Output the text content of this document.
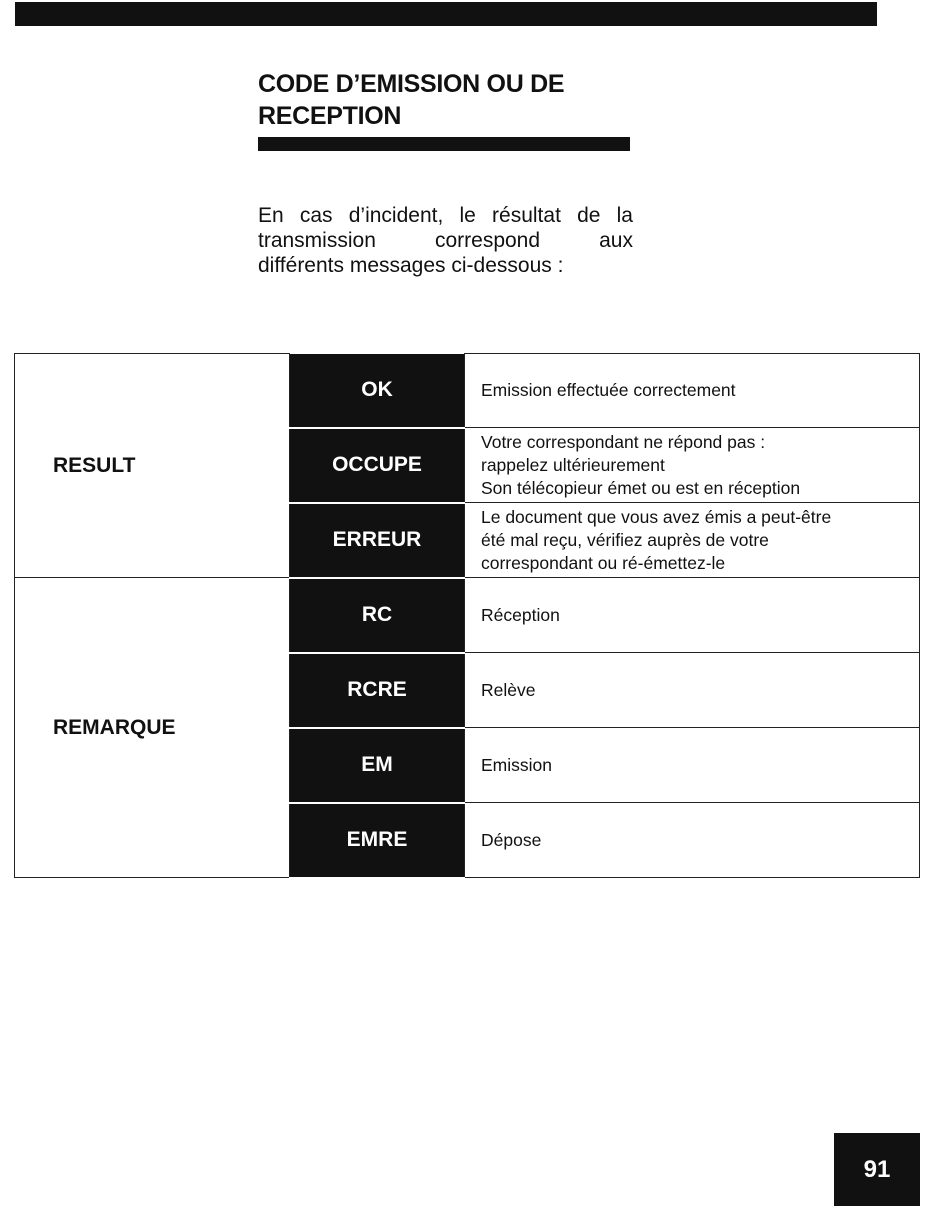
CODE D’EMISSION OU DE
RECEPTION
En cas d’incident, le résultat de la
transmission correspond aux
différents messages ci-dessous :
RESULT	OK	Emission effectuée correctement

	OCCUPE	Votre correspondant ne répond pas :
rappelez ultérieurement
Son télécopieur émet ou est en réception

	ERREUR	Le document que vous avez émis a peut-être
été mal reçu, vérifiez auprès de votre
correspondant ou ré-émettez-le

REMARQUE	RC	Réception

	RCRE	Relève

	EM	Emission

	EMRE	Dépose
91
